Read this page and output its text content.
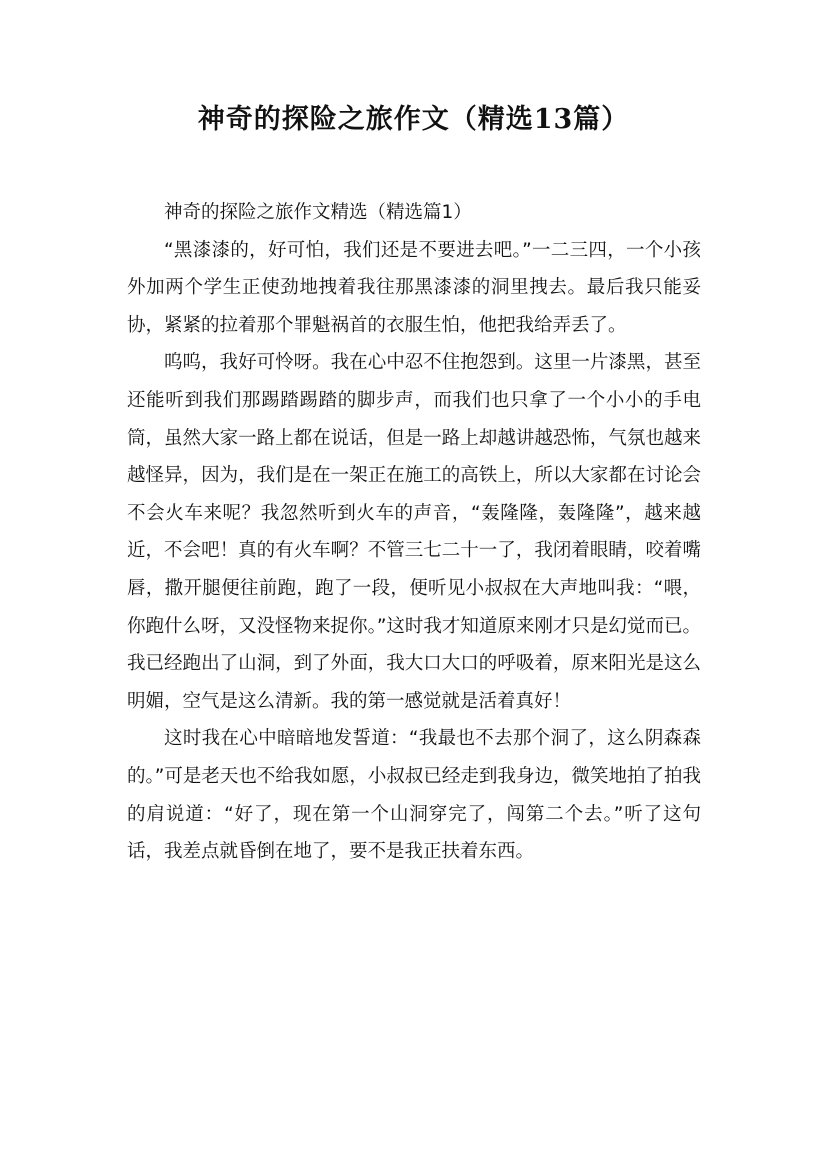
神奇的探险之旅作文（精选13篇）

神奇的探险之旅作文精选（精选篇1）

“黑漆漆的，好可怕，我们还是不要进去吧。”一二三四，一个小孩外加两个学生正使劲地拽着我往那黑漆漆的洞里拽去。最后我只能妥协，紧紧的拉着那个罪魁祸首的衣服生怕，他把我给弄丢了。

呜呜，我好可怜呀。我在心中忍不住抱怨到。这里一片漆黑，甚至还能听到我们那踢踏踢踏的脚步声，而我们也只拿了一个小小的手电筒，虽然大家一路上都在说话，但是一路上却越讲越恐怖，气氛也越来越怪异，因为，我们是在一架正在施工的高铁上，所以大家都在讨论会不会火车来呢？我忽然听到火车的声音，“轰隆隆，轰隆隆”，越来越近，不会吧！真的有火车啊？不管三七二十一了，我闭着眼睛，咬着嘴唇，撒开腿便往前跑，跑了一段，便听见小叔叔在大声地叫我：“喂，你跑什么呀，又没怪物来捉你。”这时我才知道原来刚才只是幻觉而已。我已经跑出了山洞，到了外面，我大口大口的呼吸着，原来阳光是这么明媚，空气是这么清新。我的第一感觉就是活着真好！

这时我在心中暗暗地发誓道：“我最也不去那个洞了，这么阴森森的。”可是老天也不给我如愿，小叔叔已经走到我身边，微笑地拍了拍我的肩说道：“好了，现在第一个山洞穿完了，闯第二个去。”听了这句话，我差点就昏倒在地了，要不是我正扶着东西。
